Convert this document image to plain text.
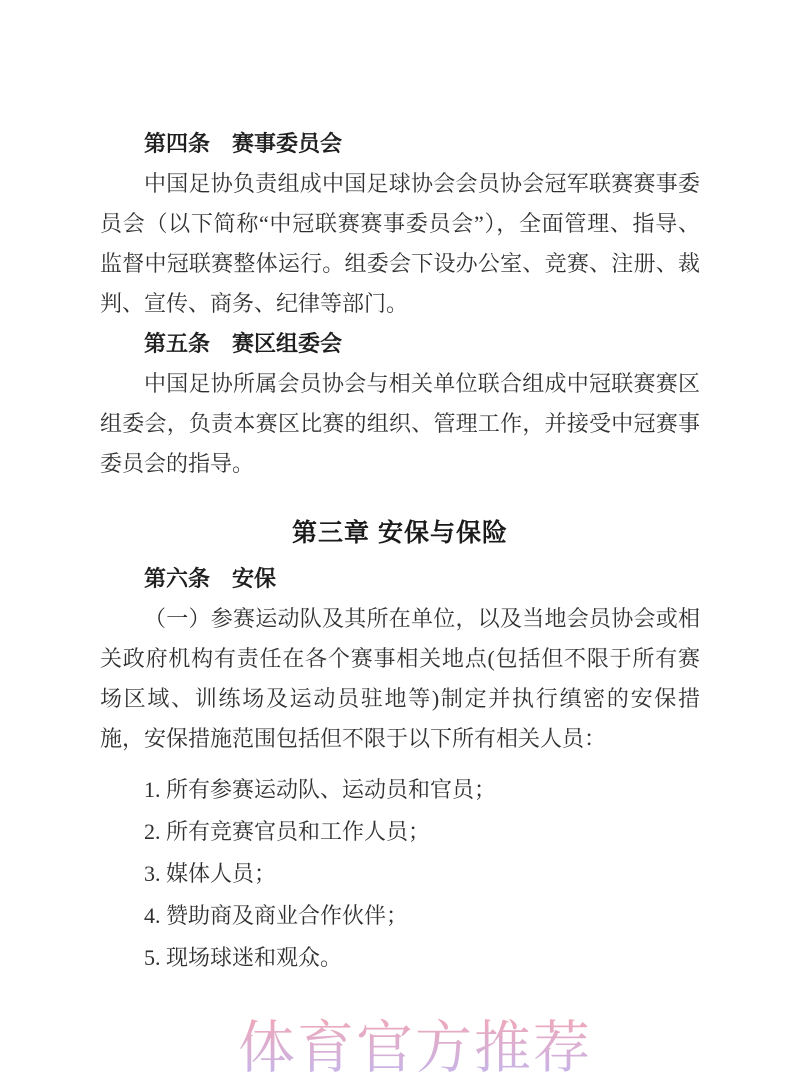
第四条　赛事委员会

中国足协负责组成中国足球协会会员协会冠军联赛赛事委员会（以下简称“中冠联赛赛事委员会”），全面管理、指导、监督中冠联赛整体运行。组委会下设办公室、竞赛、注册、裁判、宣传、商务、纪律等部门。

第五条　赛区组委会

中国足协所属会员协会与相关单位联合组成中冠联赛赛区组委会，负责本赛区比赛的组织、管理工作，并接受中冠赛事委员会的指导。

第三章 安保与保险
第六条　安保

（一）参赛运动队及其所在单位，以及当地会员协会或相关政府机构有责任在各个赛事相关地点(包括但不限于所有赛场区域、训练场及运动员驻地等)制定并执行缜密的安保措施，安保措施范围包括但不限于以下所有相关人员：

1. 所有参赛运动队、运动员和官员；
2. 所有竞赛官员和工作人员；
3. 媒体人员；
4. 赞助商及商业合作伙伴；
5. 现场球迷和观众。
体育官方推荐
